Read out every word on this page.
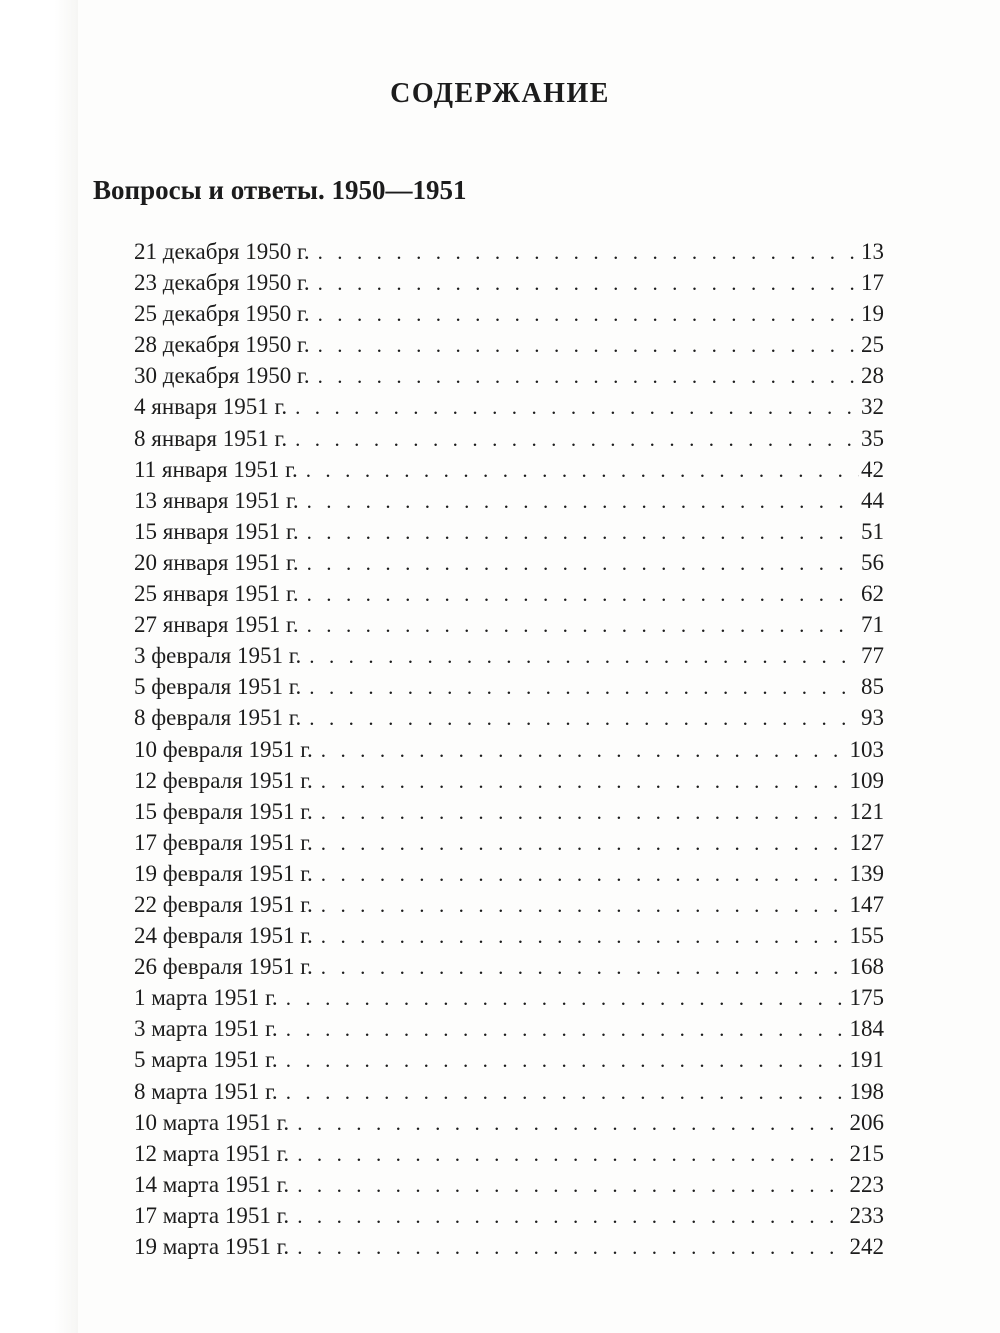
СОДЕРЖАНИЕ
Вопросы и ответы. 1950—1951
21 декабря 1950 г. . . .	13
23 декабря 1950 г. . . .	17
25 декабря 1950 г. . . .	19
28 декабря 1950 г. . . .	25
30 декабря 1950 г. . . .	28
4 января 1951 г. . . .	32
8 января 1951 г. . . .	35
11 января 1951 г. . . .	42
13 января 1951 г. . . .	44
15 января 1951 г. . . .	51
20 января 1951 г. . . .	56
25 января 1951 г. . . .	62
27 января 1951 г. . . .	71
3 февраля 1951 г. . . .	77
5 февраля 1951 г. . . .	85
8 февраля 1951 г. . . .	93
10 февраля 1951 г. . . .	103
12 февраля 1951 г. . . .	109
15 февраля 1951 г. . . .	121
17 февраля 1951 г. . . .	127
19 февраля 1951 г. . . .	139
22 февраля 1951 г. . . .	147
24 февраля 1951 г. . . .	155
26 февраля 1951 г. . . .	168
1 марта 1951 г. . . .	175
3 марта 1951 г. . . .	184
5 марта 1951 г. . . .	191
8 марта 1951 г. . . .	198
10 марта 1951 г. . . .	206
12 марта 1951 г. . . .	215
14 марта 1951 г. . . .	223
17 марта 1951 г. . . .	233
19 марта 1951 г. . . .	242
